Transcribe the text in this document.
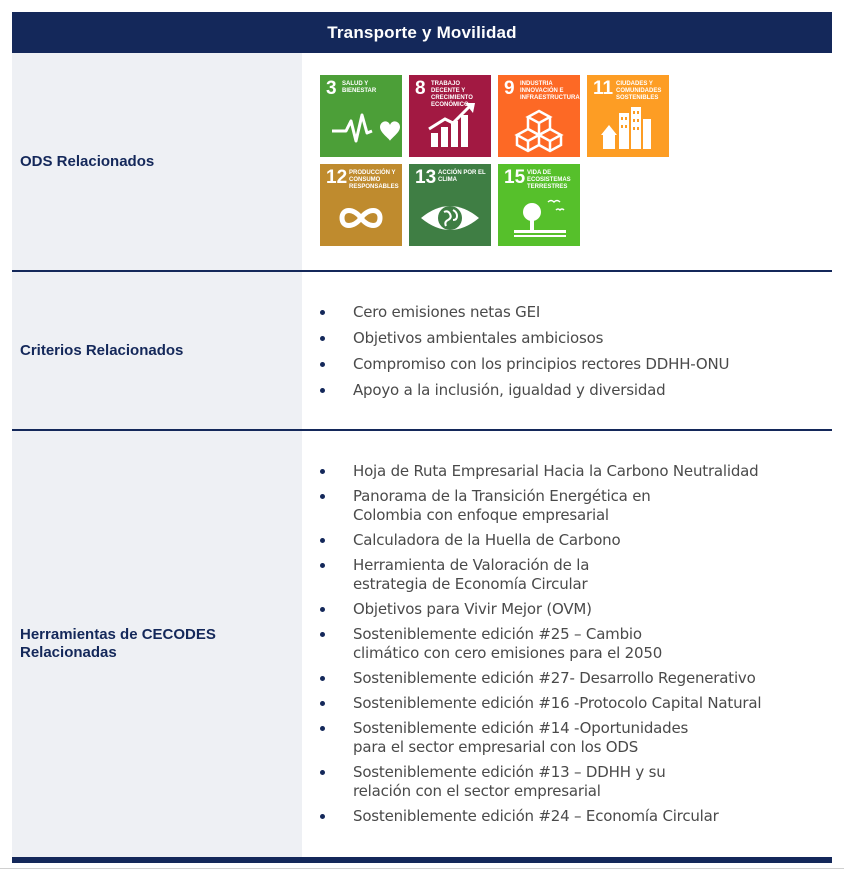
Transporte y Movilidad
ODS Relacionados
3 SALUD Y BIENESTAR	8 TRABAJO DECENTE Y CRECIMIENTO ECONÓMICO
9 INDUSTRIA INNOVACIÓN E INFRAESTRUCTURA 11 CIUDADES Y COMUNIDADES SOSTENIBLES
12 PRODUCCIÓN Y CONSUMO RESPONSABLES 13 ACCIÓN POR EL CLIMA	15 VIDA DE ECOSISTEMAS TERRESTRES
Criterios Relacionados
Cero emisiones netas GEI
Objetivos ambientales ambiciosos
Compromiso con los principios rectores DDHH-ONU
Apoyo a la inclusión, igualdad y diversidad
Herramientas de CECODES Relacionadas
Hoja de Ruta Empresarial Hacia la Carbono Neutralidad
Panorama de la Transición Energética en
Colombia con enfoque empresarial
Calculadora de la Huella de Carbono
Herramienta de Valoración de la
estrategia de Economía Circular
Objetivos para Vivir Mejor (OVM)
Sosteniblemente edición #25 – Cambio
climático con cero emisiones para el 2050
Sosteniblemente edición #27- Desarrollo Regenerativo
Sosteniblemente edición #16 -Protocolo Capital Natural
Sosteniblemente edición #14 -Oportunidades
para el sector empresarial con los ODS
Sosteniblemente edición #13 – DDHH y su
relación con el sector empresarial
Sosteniblemente edición #24 – Economía Circular
